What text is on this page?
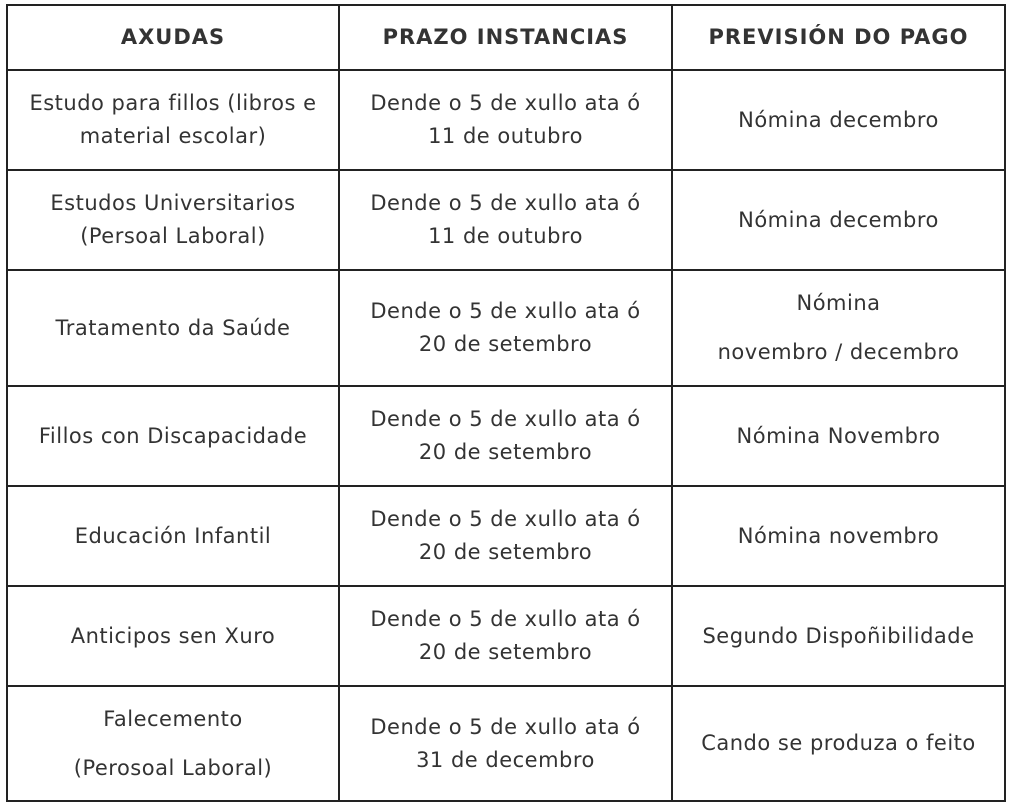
AXUDAS	PRAZO INSTANCIAS	PREVISIÓN DO PAGO

Estudo para fillos (libros e
material escolar)	Dende o 5 de xullo ata ó
11 de outubro	Nómina decembro

Estudos Universitarios
(Persoal Laboral)	Dende o 5 de xullo ata ó
11 de outubro	Nómina decembro

Tratamento da Saúde	Dende o 5 de xullo ata ó
20 de setembro	Nómina
novembro / decembro

Fillos con Discapacidade	Dende o 5 de xullo ata ó
20 de setembro	Nómina Novembro

Educación Infantil	Dende o 5 de xullo ata ó
20 de setembro	Nómina novembro

Anticipos sen Xuro	Dende o 5 de xullo ata ó
20 de setembro	Segundo Dispoñibilidade

Falecemento
(Perosoal Laboral)	Dende o 5 de xullo ata ó
31 de decembro	Cando se produza o feito
